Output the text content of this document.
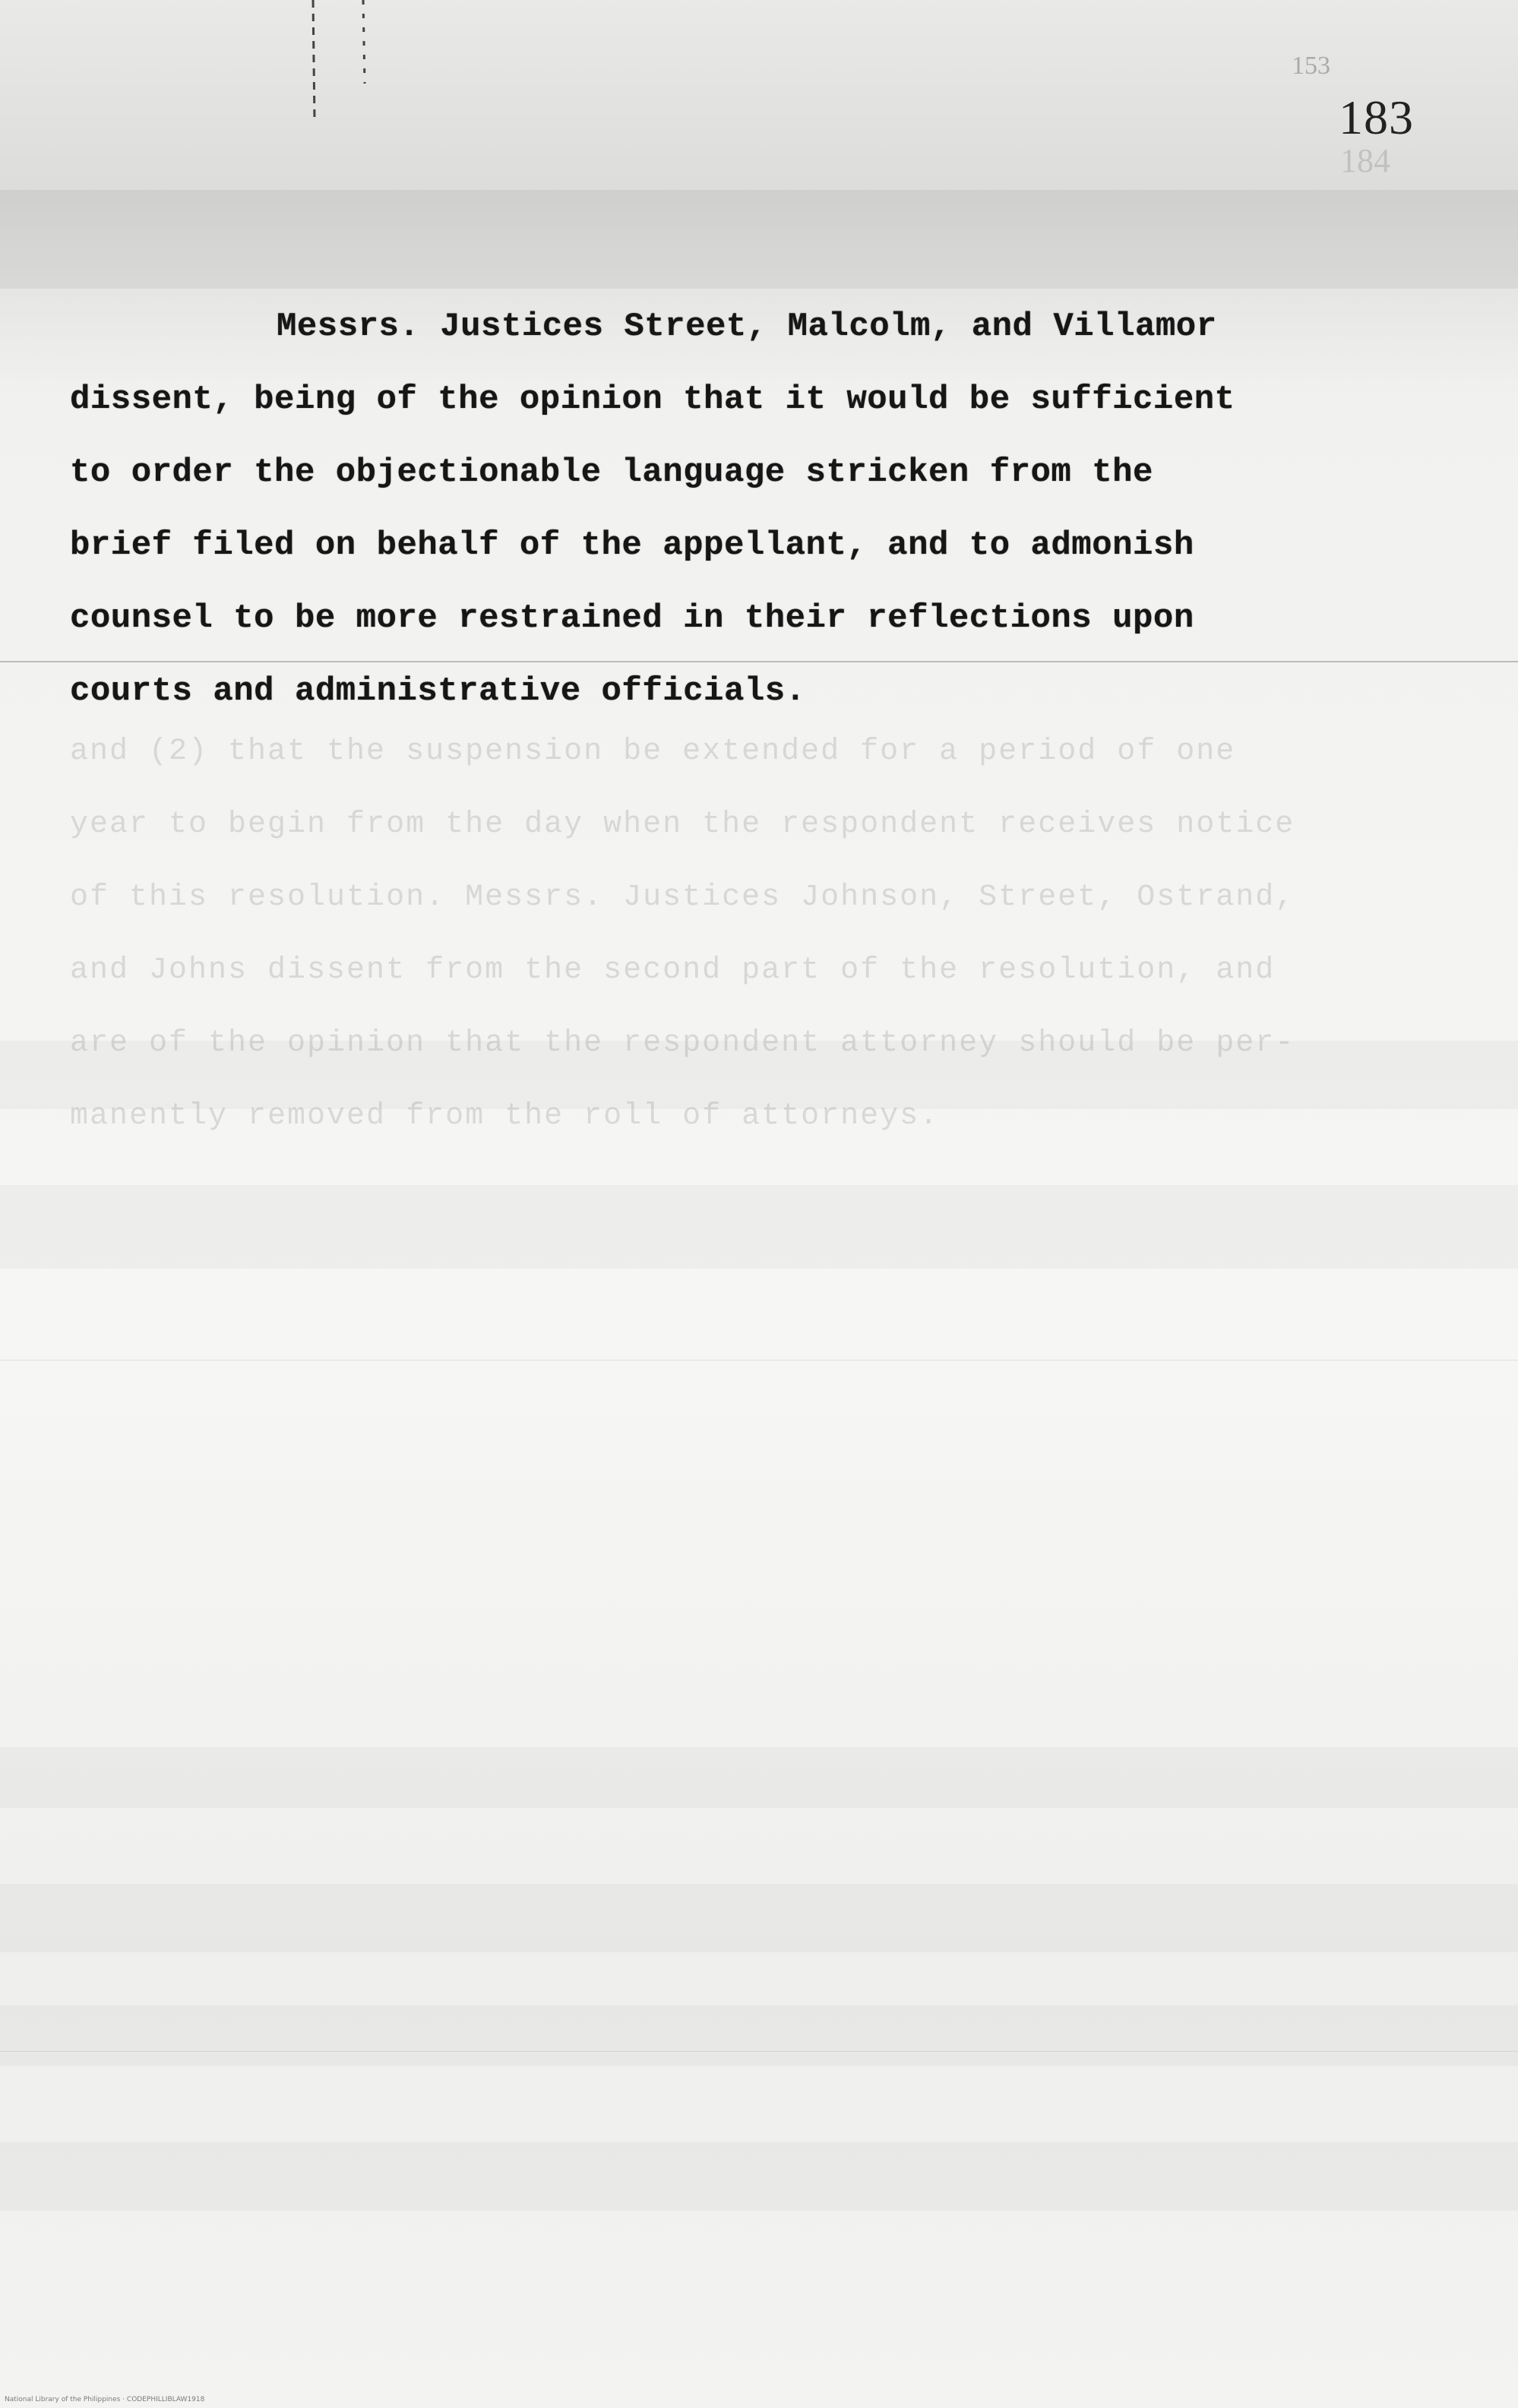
153
183
184
and (2) that the suspension be extended for a period of one
year to begin from the day when the respondent receives notice
of this resolution. Messrs. Justices Johnson, Street, Ostrand,
and Johns dissent from the second part of the resolution, and
are of the opinion that the respondent attorney should be per-
manently removed from the roll of attorneys.
Messrs. Justices Street, Malcolm, and Villamor
dissent, being of the opinion that it would be sufficient
to order the objectionable language stricken from the
brief filed on behalf of the appellant, and to admonish
counsel to be more restrained in their reflections upon
courts and administrative officials.
National Library of the Philippines · CODEPHILLIBLAW1918
